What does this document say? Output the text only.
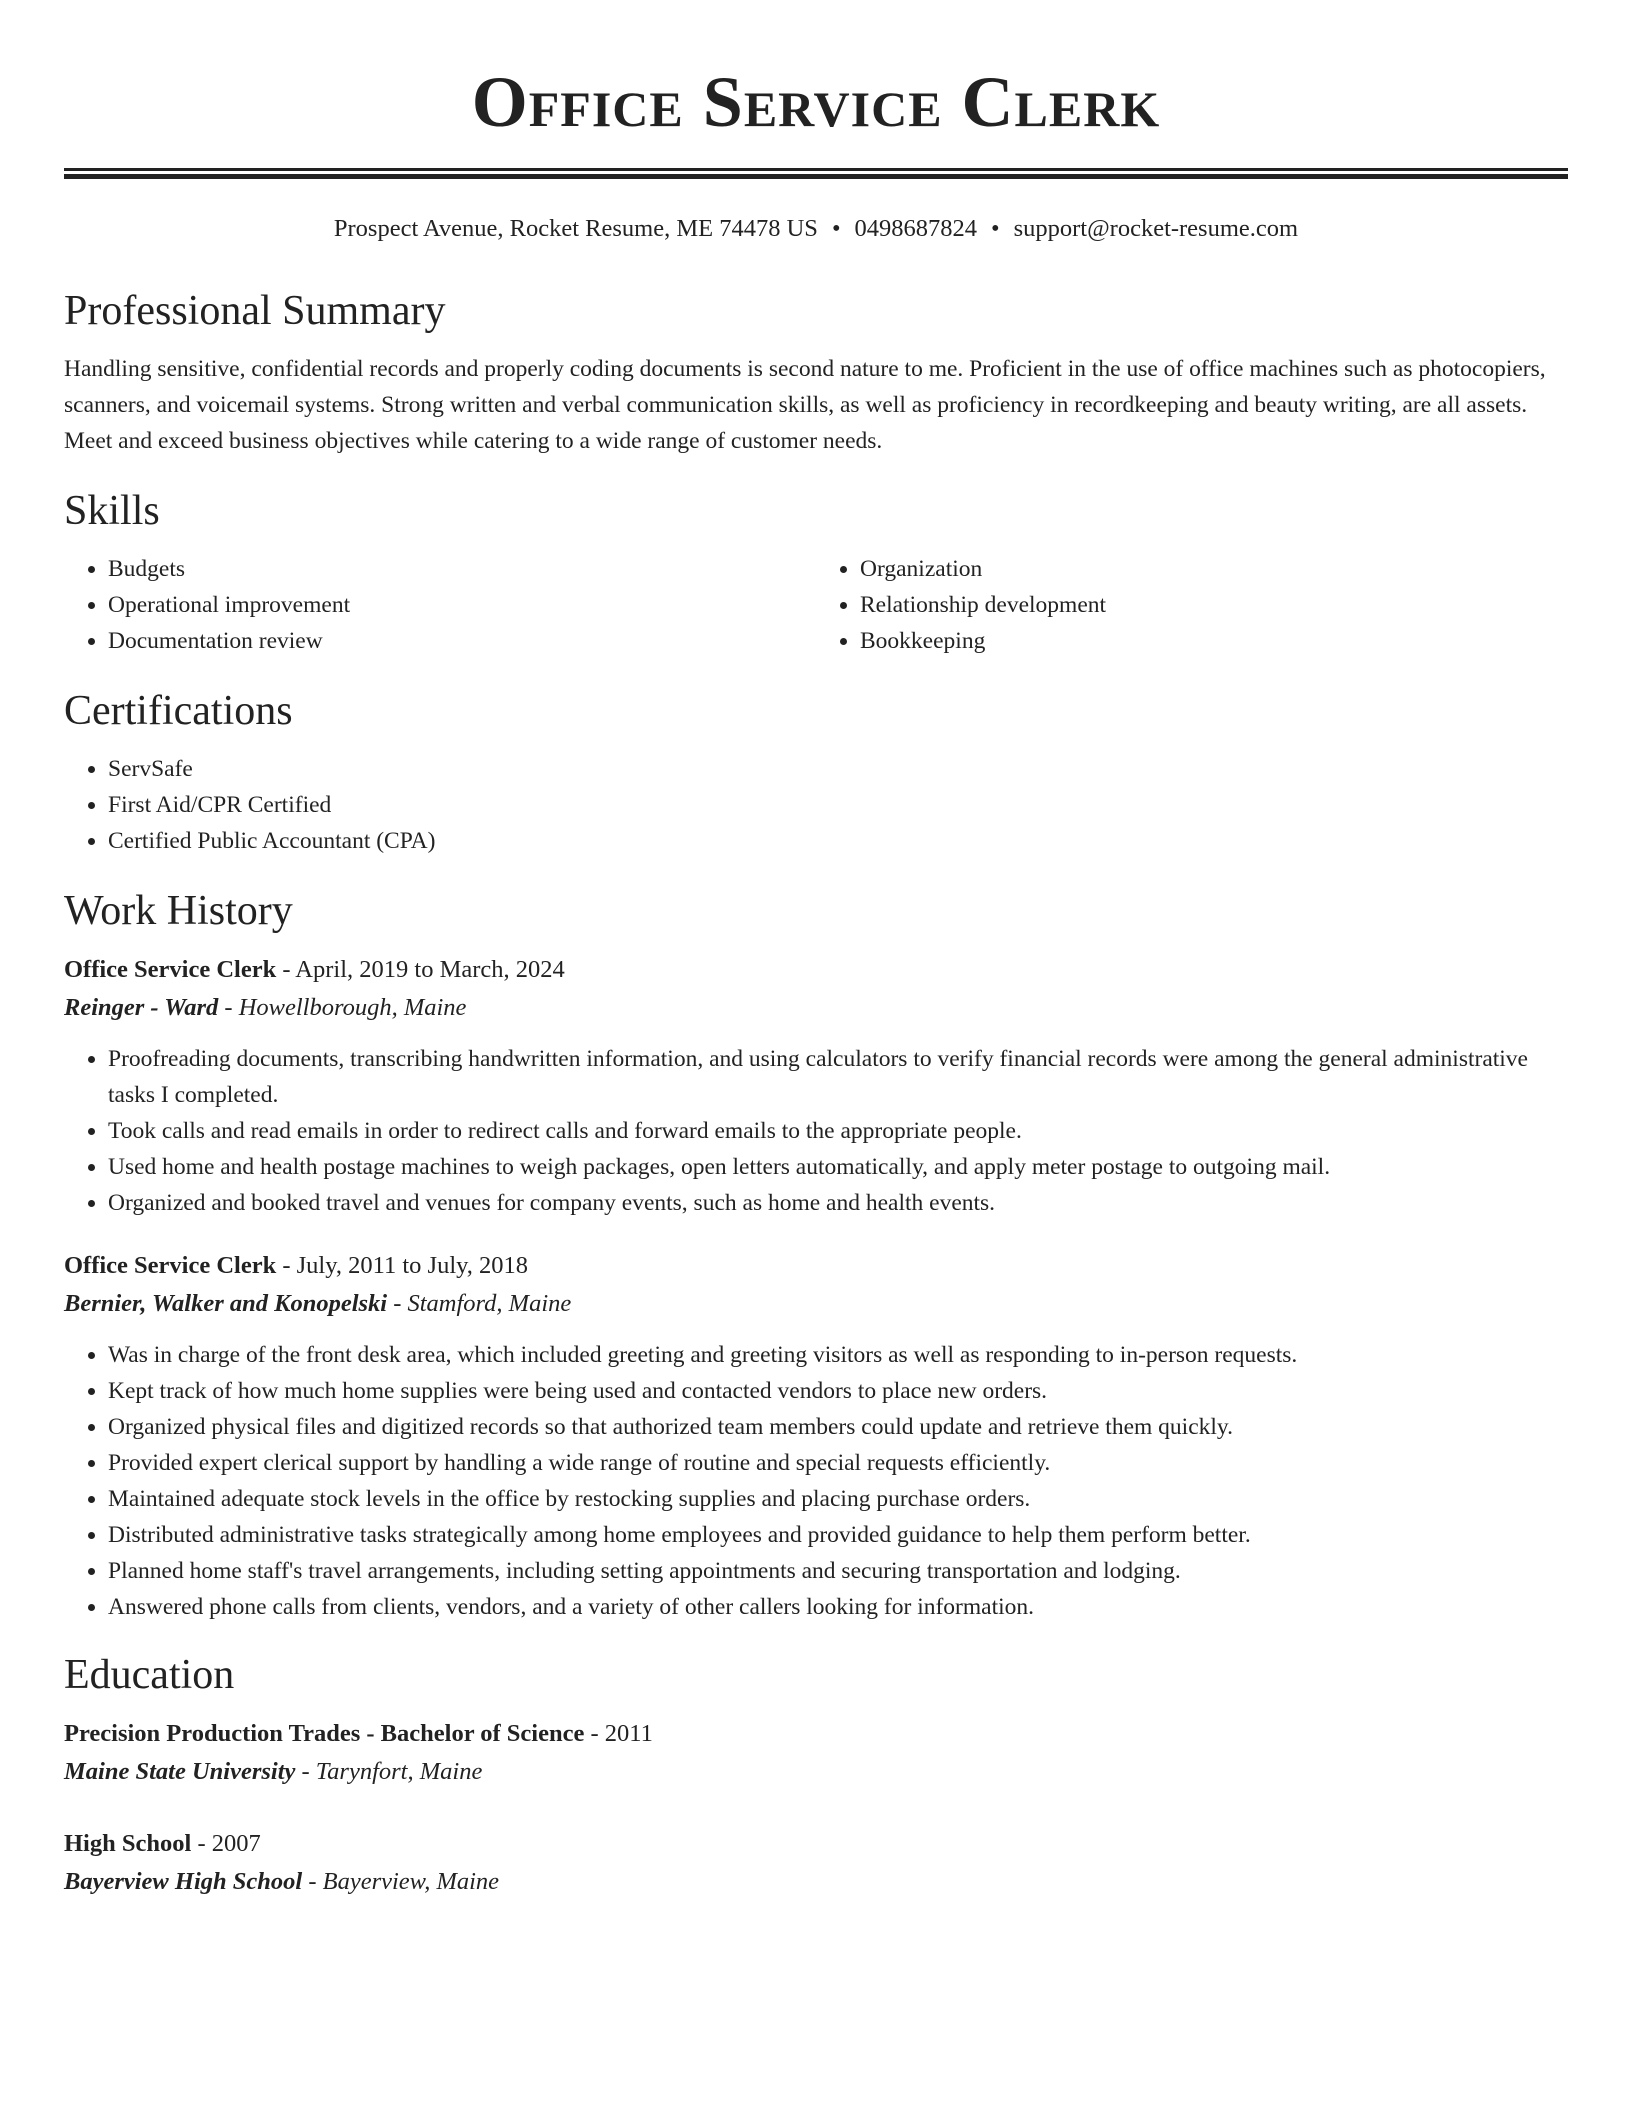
Office Service Clerk
Prospect Avenue, Rocket Resume, ME 74478 US • 0498687824 • support@rocket-resume.com
Professional Summary

Handling sensitive, confidential records and properly coding documents is second nature to me. Proficient in the use of office machines such as photocopiers, scanners, and voicemail systems. Strong written and verbal communication skills, as well as proficiency in recordkeeping and beauty writing, are all assets. Meet and exceed business objectives while catering to a wide range of customer needs.

Skills
• Budgets
• Operational improvement
• Documentation review
• Organization
• Relationship development
• Bookkeeping
Certifications
• ServSafe
• First Aid/CPR Certified
• Certified Public Accountant (CPA)
Work History
Office Service Clerk - April, 2019 to March, 2024
Reinger - Ward - Howellborough, Maine
• Proofreading documents, transcribing handwritten information, and using calculators to verify financial records were among the general administrative tasks I completed.
• Took calls and read emails in order to redirect calls and forward emails to the appropriate people.
• Used home and health postage machines to weigh packages, open letters automatically, and apply meter postage to outgoing mail.
• Organized and booked travel and venues for company events, such as home and health events.
Office Service Clerk - July, 2011 to July, 2018
Bernier, Walker and Konopelski - Stamford, Maine
• Was in charge of the front desk area, which included greeting and greeting visitors as well as responding to in-person requests.
• Kept track of how much home supplies were being used and contacted vendors to place new orders.
• Organized physical files and digitized records so that authorized team members could update and retrieve them quickly.
• Provided expert clerical support by handling a wide range of routine and special requests efficiently.
• Maintained adequate stock levels in the office by restocking supplies and placing purchase orders.
• Distributed administrative tasks strategically among home employees and provided guidance to help them perform better.
• Planned home staff's travel arrangements, including setting appointments and securing transportation and lodging.
• Answered phone calls from clients, vendors, and a variety of other callers looking for information.
Education
Precision Production Trades - Bachelor of Science - 2011
Maine State University - Tarynfort, Maine
High School - 2007
Bayerview High School - Bayerview, Maine
